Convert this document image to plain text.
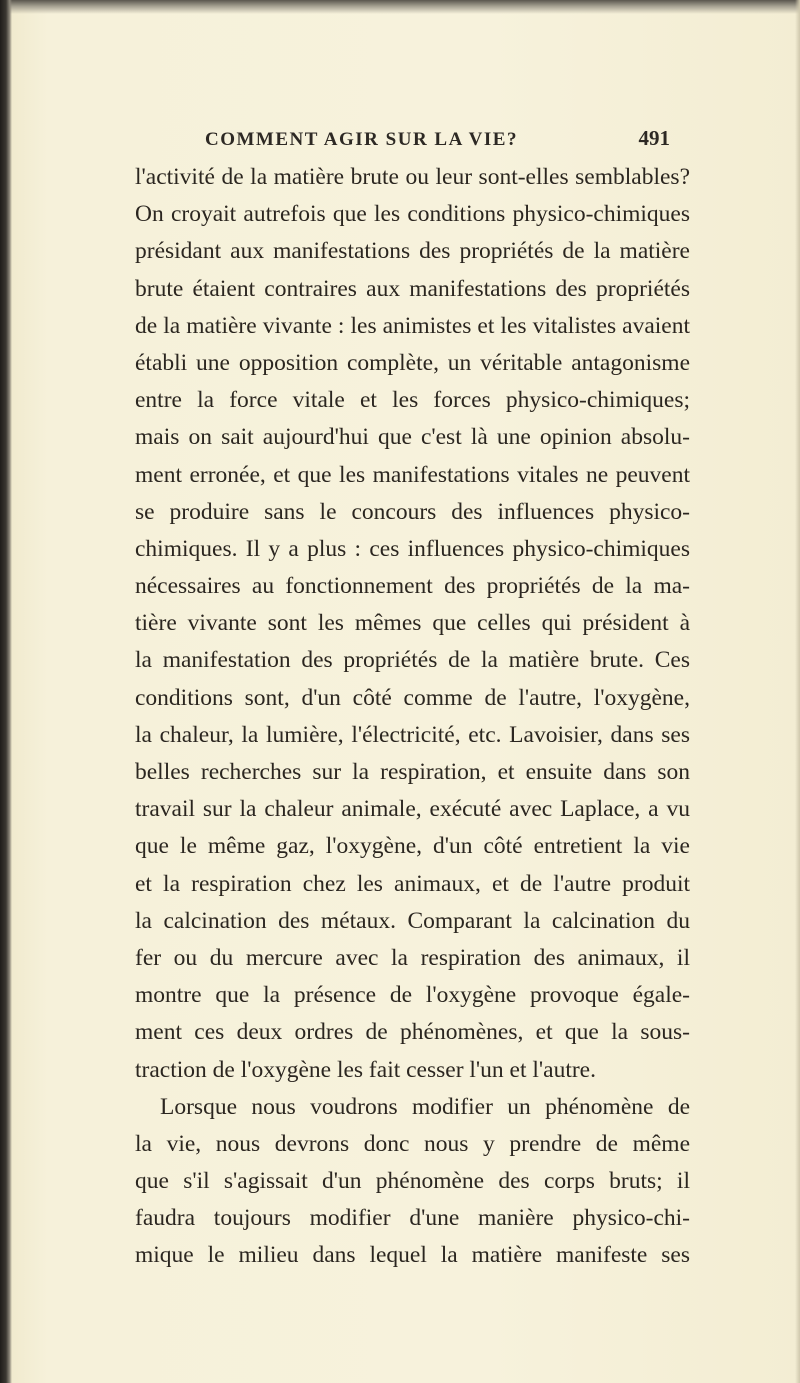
COMMENT AGIR SUR LA VIE?	491
l'activité de la matière brute ou leur sont-elles semblables?
On croyait autrefois que les conditions physico-chimiques
présidant aux manifestations des propriétés de la matière
brute étaient contraires aux manifestations des propriétés
de la matière vivante : les animistes et les vitalistes avaient
établi une opposition complète, un véritable antagonisme
entre la force vitale et les forces physico-chimiques;
mais on sait aujourd'hui que c'est là une opinion absolu-
ment erronée, et que les manifestations vitales ne peuvent
se produire sans le concours des influences physico-
chimiques. Il y a plus : ces influences physico-chimiques
nécessaires au fonctionnement des propriétés de la ma-
tière vivante sont les mêmes que celles qui président à
la manifestation des propriétés de la matière brute. Ces
conditions sont, d'un côté comme de l'autre, l'oxygène,
la chaleur, la lumière, l'électricité, etc. Lavoisier, dans ses
belles recherches sur la respiration, et ensuite dans son
travail sur la chaleur animale, exécuté avec Laplace, a vu
que le même gaz, l'oxygène, d'un côté entretient la vie
et la respiration chez les animaux, et de l'autre produit
la calcination des métaux. Comparant la calcination du
fer ou du mercure avec la respiration des animaux, il
montre que la présence de l'oxygène provoque égale-
ment ces deux ordres de phénomènes, et que la sous-
traction de l'oxygène les fait cesser l'un et l'autre.
Lorsque nous voudrons modifier un phénomène de
la vie, nous devrons donc nous y prendre de même
que s'il s'agissait d'un phénomène des corps bruts; il
faudra toujours modifier d'une manière physico-chi-
mique le milieu dans lequel la matière manifeste ses
